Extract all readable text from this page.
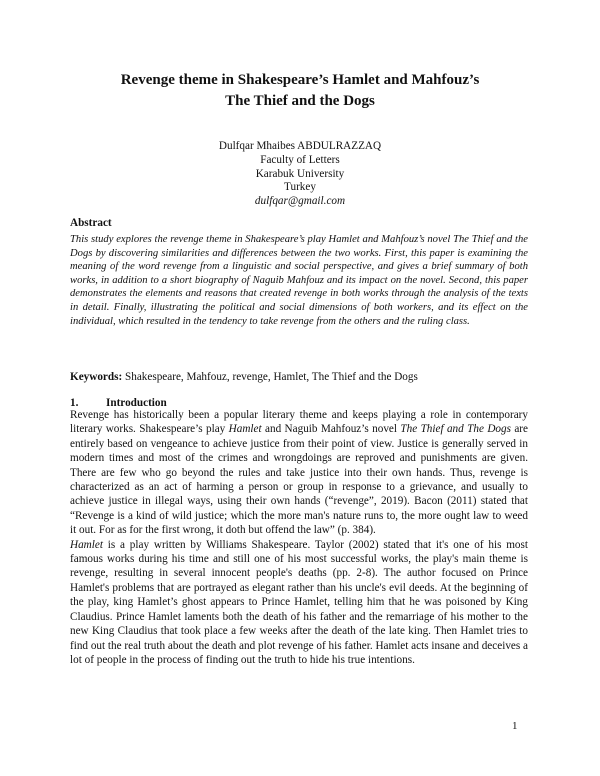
Revenge theme in Shakespeare’s Hamlet and Mahfouz’s
The Thief and the Dogs
Dulfqar Mhaibes ABDULRAZZAQ
Faculty of Letters
Karabuk University
Turkey
dulfqar@gmail.com
Abstract

This study explores the revenge theme in Shakespeare’s play Hamlet and Mahfouz’s novel The Thief and the Dogs by discovering similarities and differences between the two works. First, this paper is examining the meaning of the word revenge from a linguistic and social perspective, and gives a brief summary of both works, in addition to a short biography of Naguib Mahfouz and its impact on the novel. Second, this paper demonstrates the elements and reasons that created revenge in both works through the analysis of the texts in detail. Finally, illustrating the political and social dimensions of both workers, and its effect on the individual, which resulted in the tendency to take revenge from the others and the ruling class.

Keywords: Shakespeare, Mahfouz, revenge, Hamlet, The Thief and the Dogs

1. Introduction

Revenge has historically been a popular literary theme and keeps playing a role in contemporary literary works. Shakespeare’s play Hamlet and Naguib Mahfouz’s novel The Thief and The Dogs are entirely based on vengeance to achieve justice from their point of view. Justice is generally served in modern times and most of the crimes and wrongdoings are reproved and punishments are given. There are few who go beyond the rules and take justice into their own hands. Thus, revenge is characterized as an act of harming a person or group in response to a grievance, and usually to achieve justice in illegal ways, using their own hands (“revenge”, 2019). Bacon (2011) stated that “Revenge is a kind of wild justice; which the more man's nature runs to, the more ought law to weed it out. For as for the first wrong, it doth but offend the law” (p. 384).

Hamlet is a play written by Williams Shakespeare. Taylor (2002) stated that it's one of his most famous works during his time and still one of his most successful works, the play's main theme is revenge, resulting in several innocent people's deaths (pp. 2-8). The author focused on Prince Hamlet's problems that are portrayed as elegant rather than his uncle's evil deeds. At the beginning of the play, king Hamlet’s ghost appears to Prince Hamlet, telling him that he was poisoned by King Claudius. Prince Hamlet laments both the death of his father and the remarriage of his mother to the new King Claudius that took place a few weeks after the death of the late king. Then Hamlet tries to find out the real truth about the death and plot revenge of his father. Hamlet acts insane and deceives a lot of people in the process of finding out the truth to hide his true intentions.

1
